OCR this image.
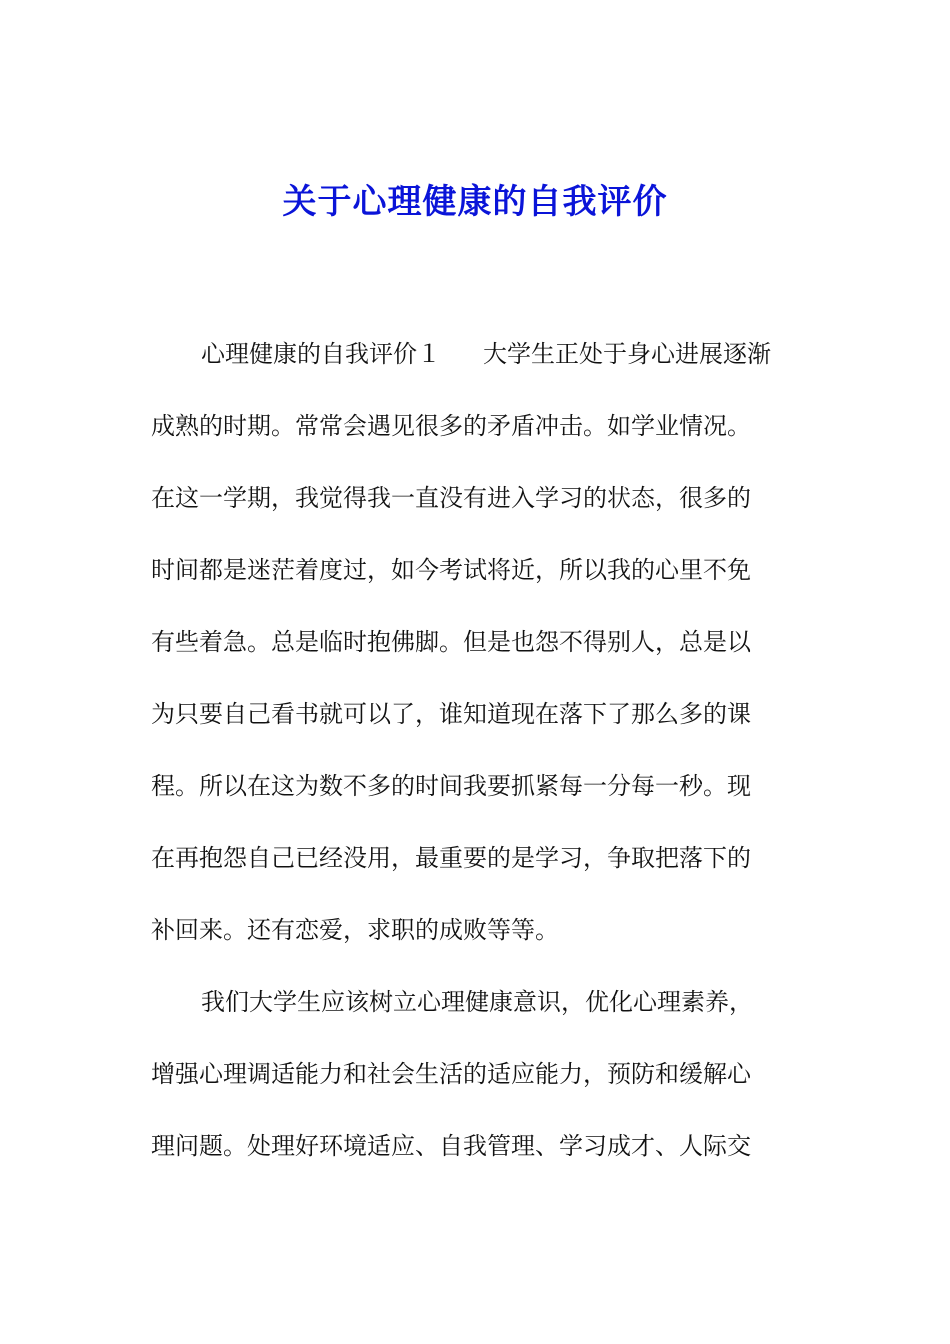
关于心理健康的自我评价
心理健康的自我评价１ 大学生正处于身心进展逐渐
成熟的时期。常常会遇见很多的矛盾冲击。如学业情况。
在这一学期，我觉得我一直没有进入学习的状态，很多的
时间都是迷茫着度过，如今考试将近，所以我的心里不免
有些着急。总是临时抱佛脚。但是也怨不得别人，总是以
为只要自己看书就可以了，谁知道现在落下了那么多的课
程。所以在这为数不多的时间我要抓紧每一分每一秒。现
在再抱怨自己已经没用，最重要的是学习，争取把落下的
补回来。还有恋爱，求职的成败等等。
我们大学生应该树立心理健康意识，优化心理素养，
增强心理调适能力和社会生活的适应能力，预防和缓解心
理问题。处理好环境适应、自我管理、学习成才、人际交
